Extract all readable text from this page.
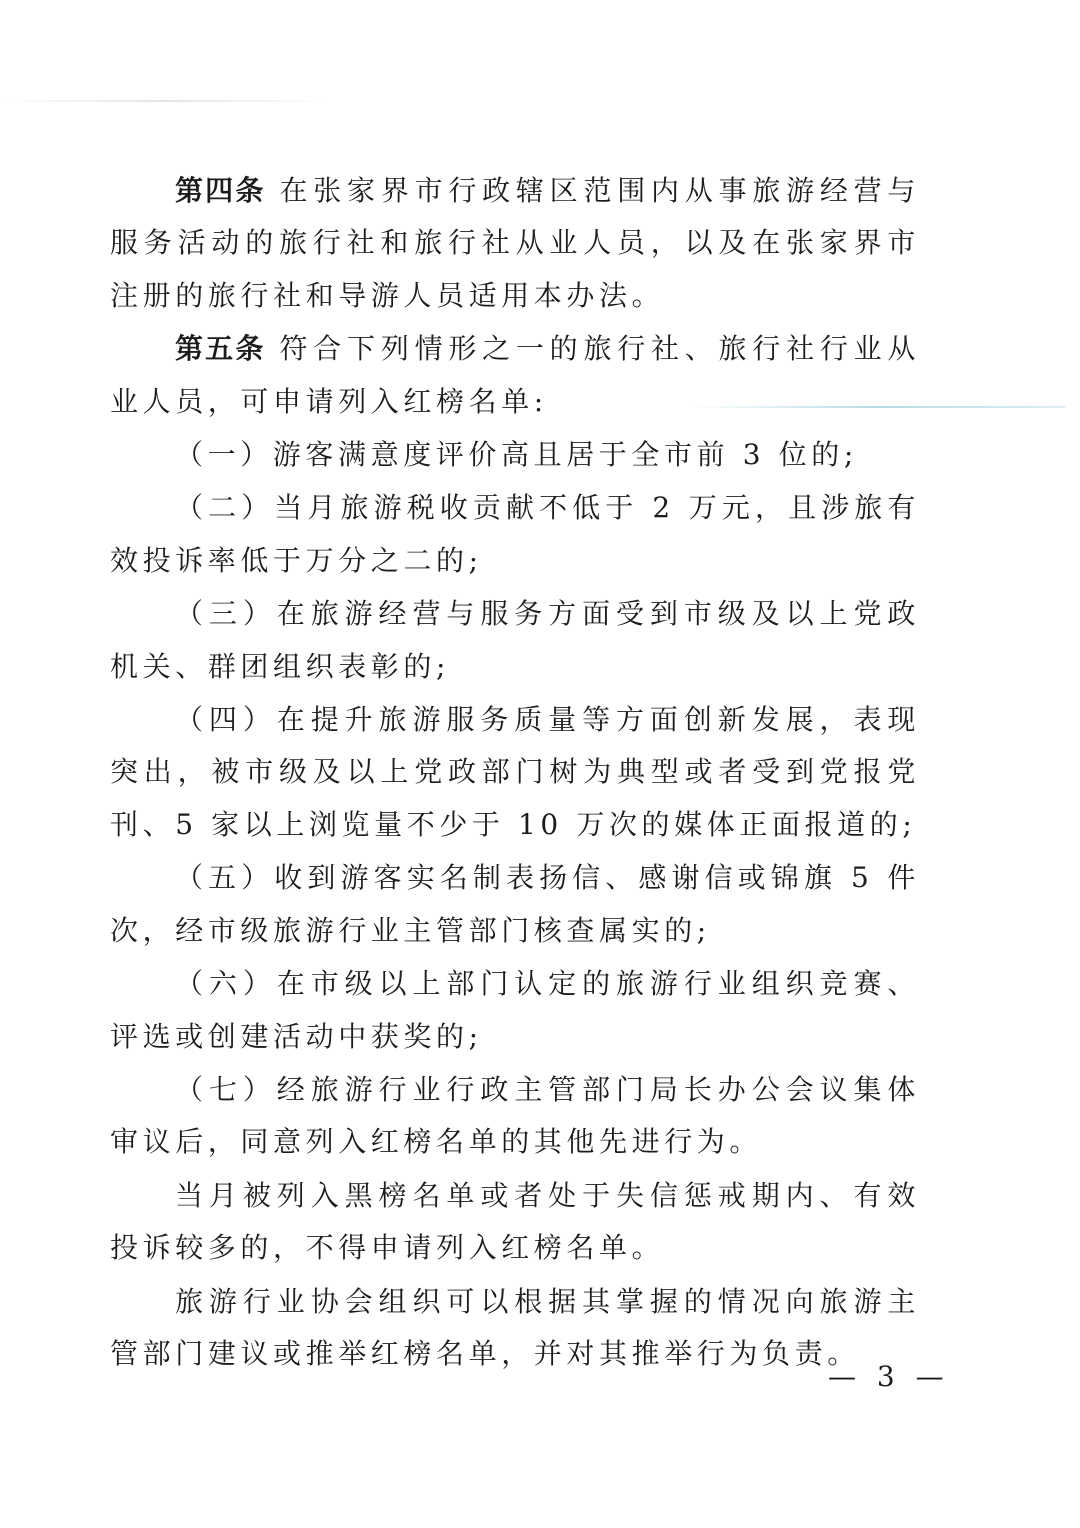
第四条 在张家界市行政辖区范围内从事旅游经营与服务活动的旅行社和旅行社从业人员，以及在张家界市注册的旅行社和导游人员适用本办法。

第五条 符合下列情形之一的旅行社、旅行社行业从业人员，可申请列入红榜名单:

（一）游客满意度评价高且居于全市前 3 位的;

（二）当月旅游税收贡献不低于 2 万元，且涉旅有效投诉率低于万分之二的;

（三）在旅游经营与服务方面受到市级及以上党政机关、群团组织表彰的;

（四）在提升旅游服务质量等方面创新发展，表现突出，被市级及以上党政部门树为典型或者受到党报党刊、5 家以上浏览量不少于 10 万次的媒体正面报道的;

（五）收到游客实名制表扬信、感谢信或锦旗 5 件次，经市级旅游行业主管部门核查属实的;

（六）在市级以上部门认定的旅游行业组织竞赛、评选或创建活动中获奖的;

（七）经旅游行业行政主管部门局长办公会议集体审议后，同意列入红榜名单的其他先进行为。

当月被列入黑榜名单或者处于失信惩戒期内、有效投诉较多的，不得申请列入红榜名单。

旅游行业协会组织可以根据其掌握的情况向旅游主管部门建议或推举红榜名单，并对其推举行为负责。

— 3 —
